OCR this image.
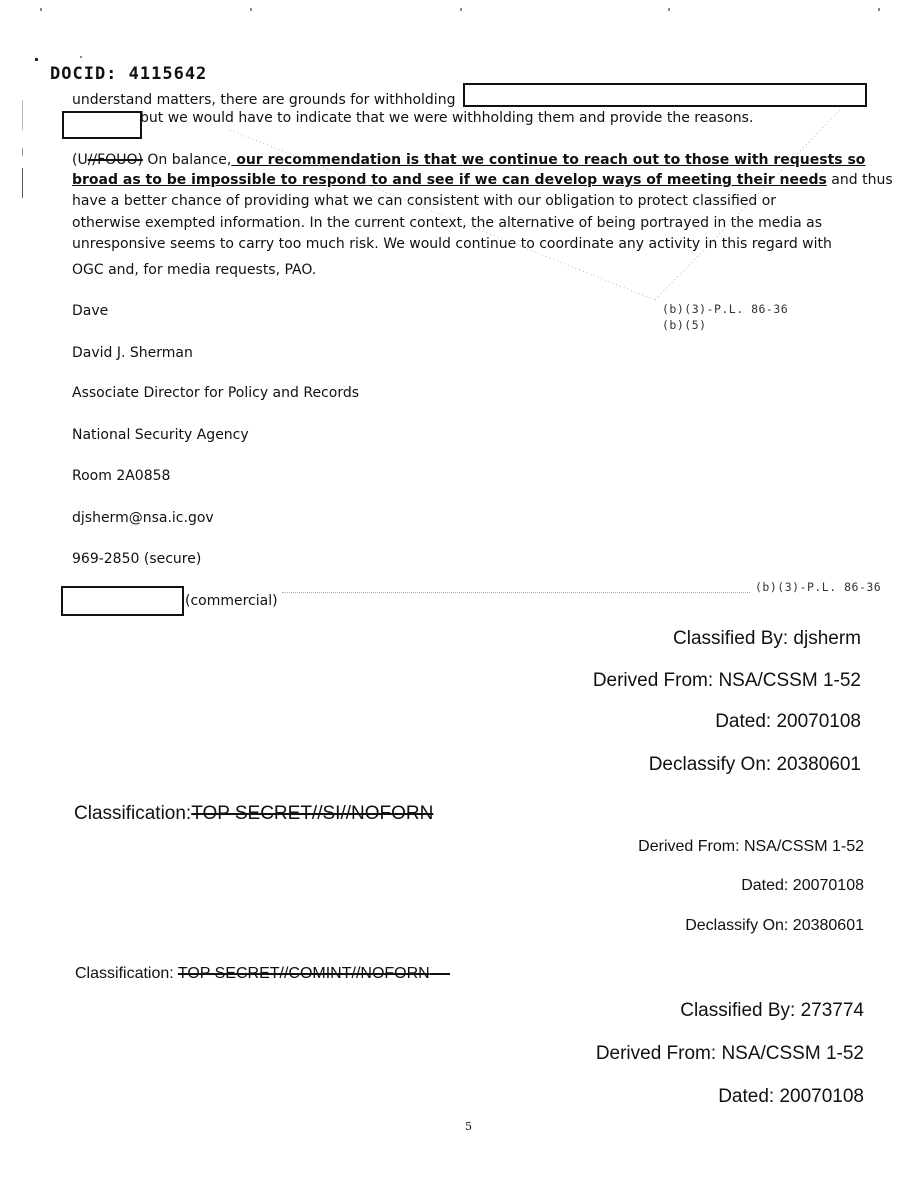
DOCID: 4115642
understand matters, there are grounds for withholding
but we would have to indicate that we were withholding them and provide the reasons.
(U//FOUO) On balance, our recommendation is that we continue to reach out to those with requests so
broad as to be impossible to respond to and see if we can develop ways of meeting their needs and thus
have a better chance of providing what we can consistent with our obligation to protect classified or
otherwise exempted information. In the current context, the alternative of being portrayed in the media as
unresponsive seems to carry too much risk. We would continue to coordinate any activity in this regard with
OGC and, for media requests, PAO.
(b)(3)-P.L. 86-36
(b)(5)
Dave
David J. Sherman
Associate Director for Policy and Records
National Security Agency
Room 2A0858
djsherm@nsa.ic.gov
969-2850 (secure)
(commercial)
(b)(3)-P.L. 86-36
Classified By: djsherm
Derived From: NSA/CSSM 1-52
Dated: 20070108
Declassify On: 20380601
Classification:TOP SECRET//SI//NOFORN
Derived From: NSA/CSSM 1-52
Dated: 20070108
Declassify On: 20380601
Classification: TOP SECRET//COMINT//NOFORN
Classified By: 273774
Derived From: NSA/CSSM 1-52
Dated: 20070108
5
